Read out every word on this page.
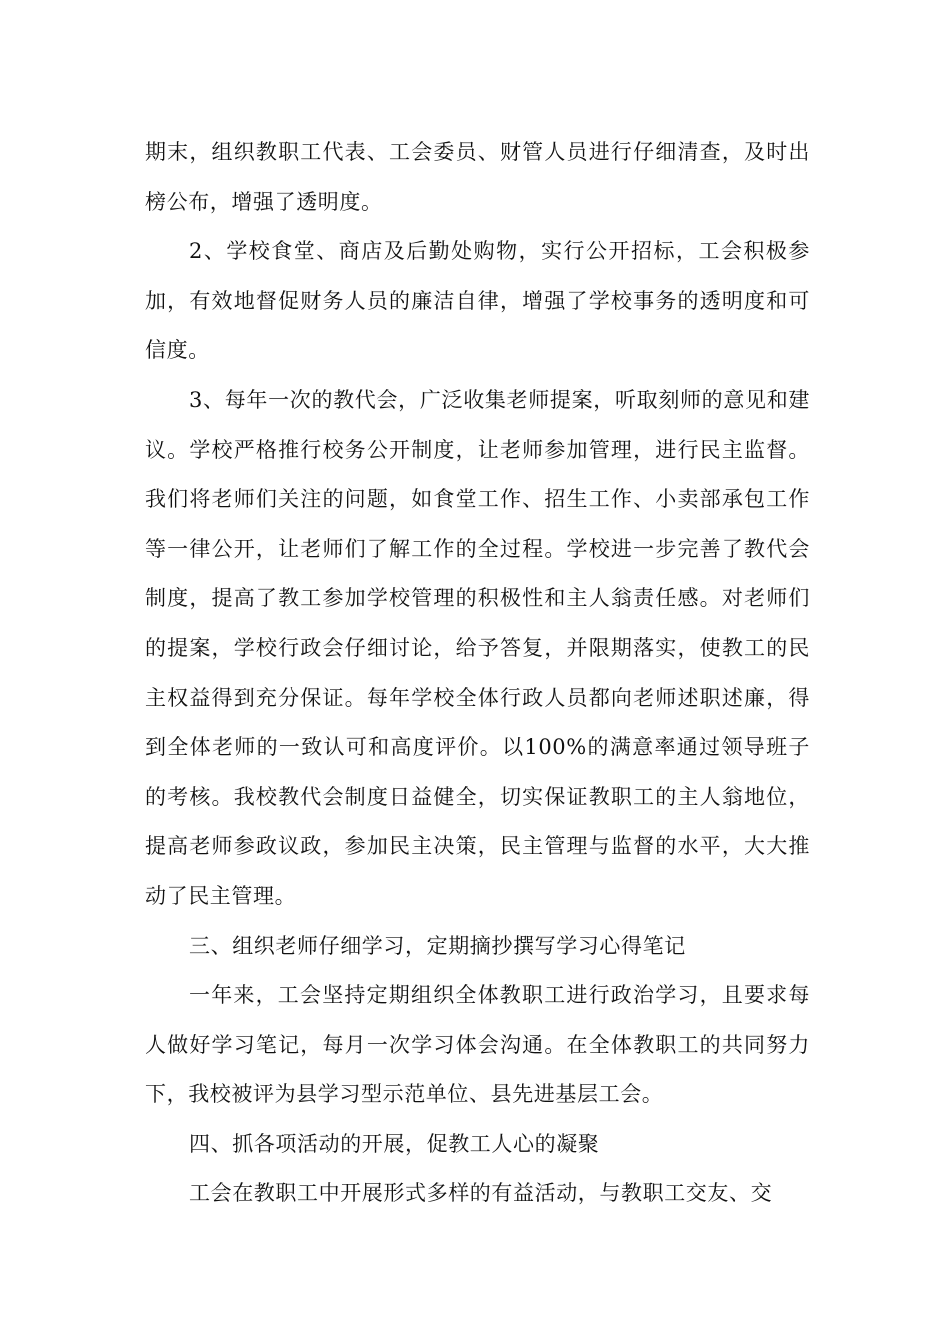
期末，组织教职工代表、工会委员、财管人员进行仔细清查，及时出榜公布，增强了透明度。

2、学校食堂、商店及后勤处购物，实行公开招标，工会积极参加，有效地督促财务人员的廉洁自律，增强了学校事务的透明度和可信度。

3、每年一次的教代会，广泛收集老师提案，听取刻师的意见和建议。学校严格推行校务公开制度，让老师参加管理，进行民主监督。我们将老师们关注的问题，如食堂工作、招生工作、小卖部承包工作等一律公开，让老师们了解工作的全过程。学校进一步完善了教代会制度，提高了教工参加学校管理的积极性和主人翁责任感。对老师们的提案，学校行政会仔细讨论，给予答复，并限期落实，使教工的民主权益得到充分保证。每年学校全体行政人员都向老师述职述廉，得到全体老师的一致认可和高度评价。以100%的满意率通过领导班子的考核。我校教代会制度日益健全，切实保证教职工的主人翁地位，提高老师参政议政，参加民主决策，民主管理与监督的水平，大大推动了民主管理。

三、组织老师仔细学习，定期摘抄撰写学习心得笔记

一年来，工会坚持定期组织全体教职工进行政治学习，且要求每人做好学习笔记，每月一次学习体会沟通。在全体教职工的共同努力下，我校被评为县学习型示范单位、县先进基层工会。

四、抓各项活动的开展，促教工人心的凝聚

工会在教职工中开展形式多样的有益活动，与教职工交友、交
